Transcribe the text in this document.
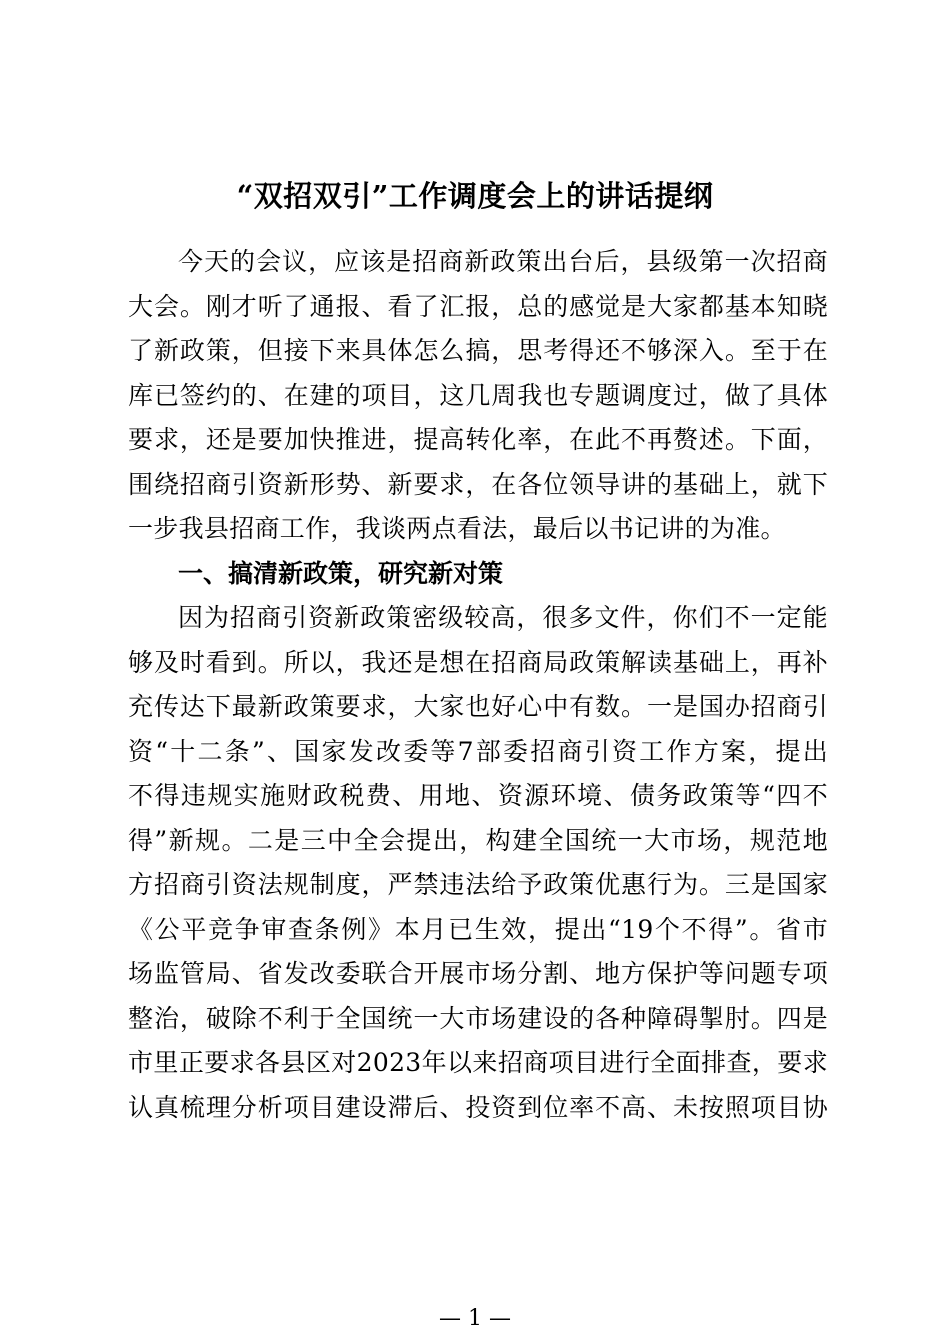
“双招双引”工作调度会上的讲话提纲
今天的会议，应该是招商新政策出台后，县级第一次招商
大会。刚才听了通报、看了汇报，总的感觉是大家都基本知晓
了新政策，但接下来具体怎么搞，思考得还不够深入。至于在
库已签约的、在建的项目，这几周我也专题调度过，做了具体
要求，还是要加快推进，提高转化率，在此不再赘述。下面，
围绕招商引资新形势、新要求，在各位领导讲的基础上，就下
一步我县招商工作，我谈两点看法，最后以书记讲的为准。
一、搞清新政策，研究新对策
因为招商引资新政策密级较高，很多文件，你们不一定能
够及时看到。所以，我还是想在招商局政策解读基础上，再补
充传达下最新政策要求，大家也好心中有数。一是国办招商引
资“十二条”、国家发改委等7部委招商引资工作方案，提出
不得违规实施财政税费、用地、资源环境、债务政策等“四不
得”新规。二是三中全会提出，构建全国统一大市场，规范地
方招商引资法规制度，严禁违法给予政策优惠行为。三是国家
《公平竞争审查条例》本月已生效，提出“19个不得”。省市
场监管局、省发改委联合开展市场分割、地方保护等问题专项
整治，破除不利于全国统一大市场建设的各种障碍掣肘。四是
市里正要求各县区对2023年以来招商项目进行全面排查，要求
认真梳理分析项目建设滞后、投资到位率不高、未按照项目协
— 1 —
